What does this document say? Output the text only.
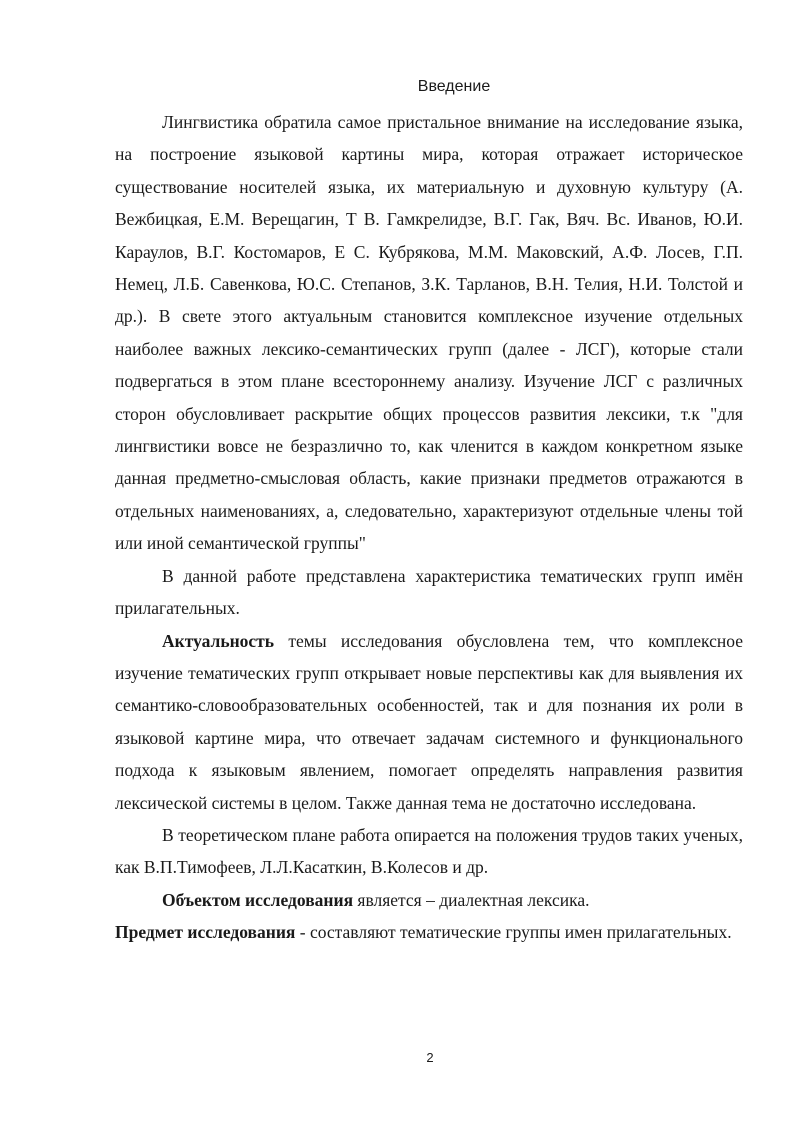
Введение

Лингвистика обратила самое пристальное внимание на исследование языка, на построение языковой картины мира, которая отражает историческое существование носителей языка, их материальную и духовную культуру (А. Вежбицкая, Е.М. Верещагин, Т В. Гамкрелидзе, В.Г. Гак, Вяч. Вс. Иванов, Ю.И. Караулов, В.Г. Костомаров, Е С. Кубрякова, М.М. Маковский, А.Ф. Лосев, Г.П. Немец, Л.Б. Савенкова, Ю.С. Степанов, З.К. Тарланов, В.Н. Телия, Н.И. Толстой и др.). В свете этого актуальным становится комплексное изучение отдельных наиболее важных лексико-семантических групп (далее - ЛСГ), которые стали подвергаться в этом плане всестороннему анализу. Изучение ЛСГ с различных сторон обусловливает раскрытие общих процессов развития лексики, т.к "для лингвистики вовсе не безразлично то, как членится в каждом конкретном языке данная предметно-смысловая область, какие признаки предметов отражаются в отдельных наименованиях, а, следовательно, характеризуют отдельные члены той или иной семантической группы"

В данной работе представлена характеристика тематических групп имён прилагательных.

Актуальность темы исследования обусловлена тем, что комплексное изучение тематических групп открывает новые перспективы как для выявления их семантико-словообразовательных особенностей, так и для познания их роли в языковой картине мира, что отвечает задачам системного и функционального подхода к языковым явлением, помогает определять направления развития лексической системы в целом. Также данная тема не достаточно исследована.

В теоретическом плане работа опирается на положения трудов таких ученых, как В.П.Тимофеев, Л.Л.Касаткин, В.Колесов и др.

Объектом исследования является – диалектная лексика.

Предмет исследования - составляют тематические группы имен прилагательных.

2
